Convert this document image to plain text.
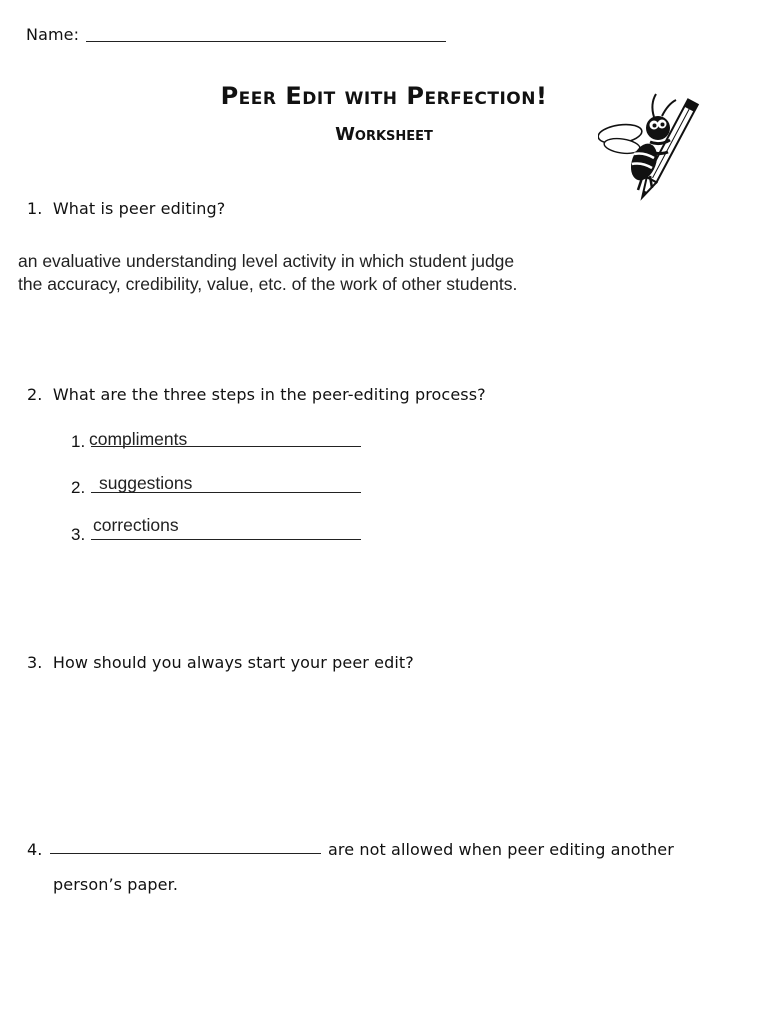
Name:
Peer Edit with Perfection!
Worksheet
1. What is peer editing?
an evaluative understanding level activity in which student judge the accuracy, credibility, value, etc. of the work of other students.
2. What are the three steps in the peer-editing process?
1. compliments
2. suggestions
3. corrections
3. How should you always start your peer edit?
4.	are not allowed when peer editing another
person’s paper.
